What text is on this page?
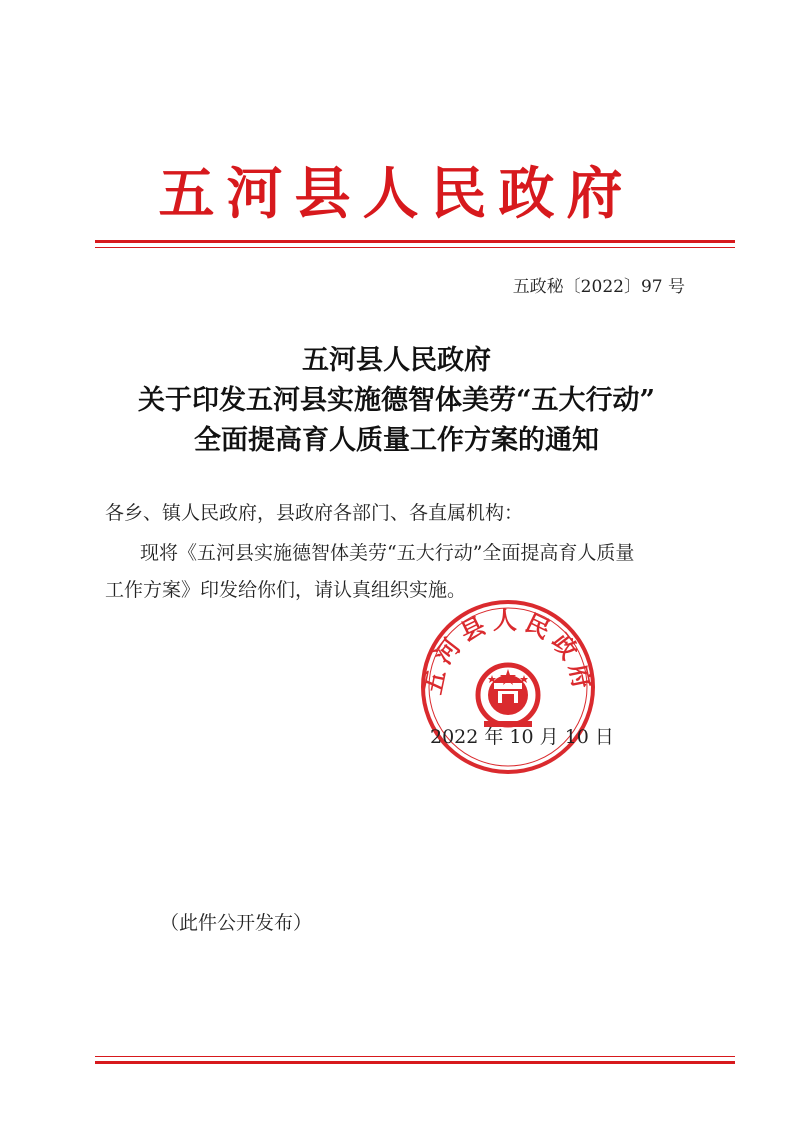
五河县人民政府
五政秘〔2022〕97 号
五河县人民政府
关于印发五河县实施德智体美劳“五大行动”
全面提高育人质量工作方案的通知
各乡、镇人民政府，县政府各部门、各直属机构：
现将《五河县实施德智体美劳“五大行动”全面提高育人质量
工作方案》印发给你们，请认真组织实施。
五河县人民政府
2022 年 10 月 10 日
（此件公开发布）
